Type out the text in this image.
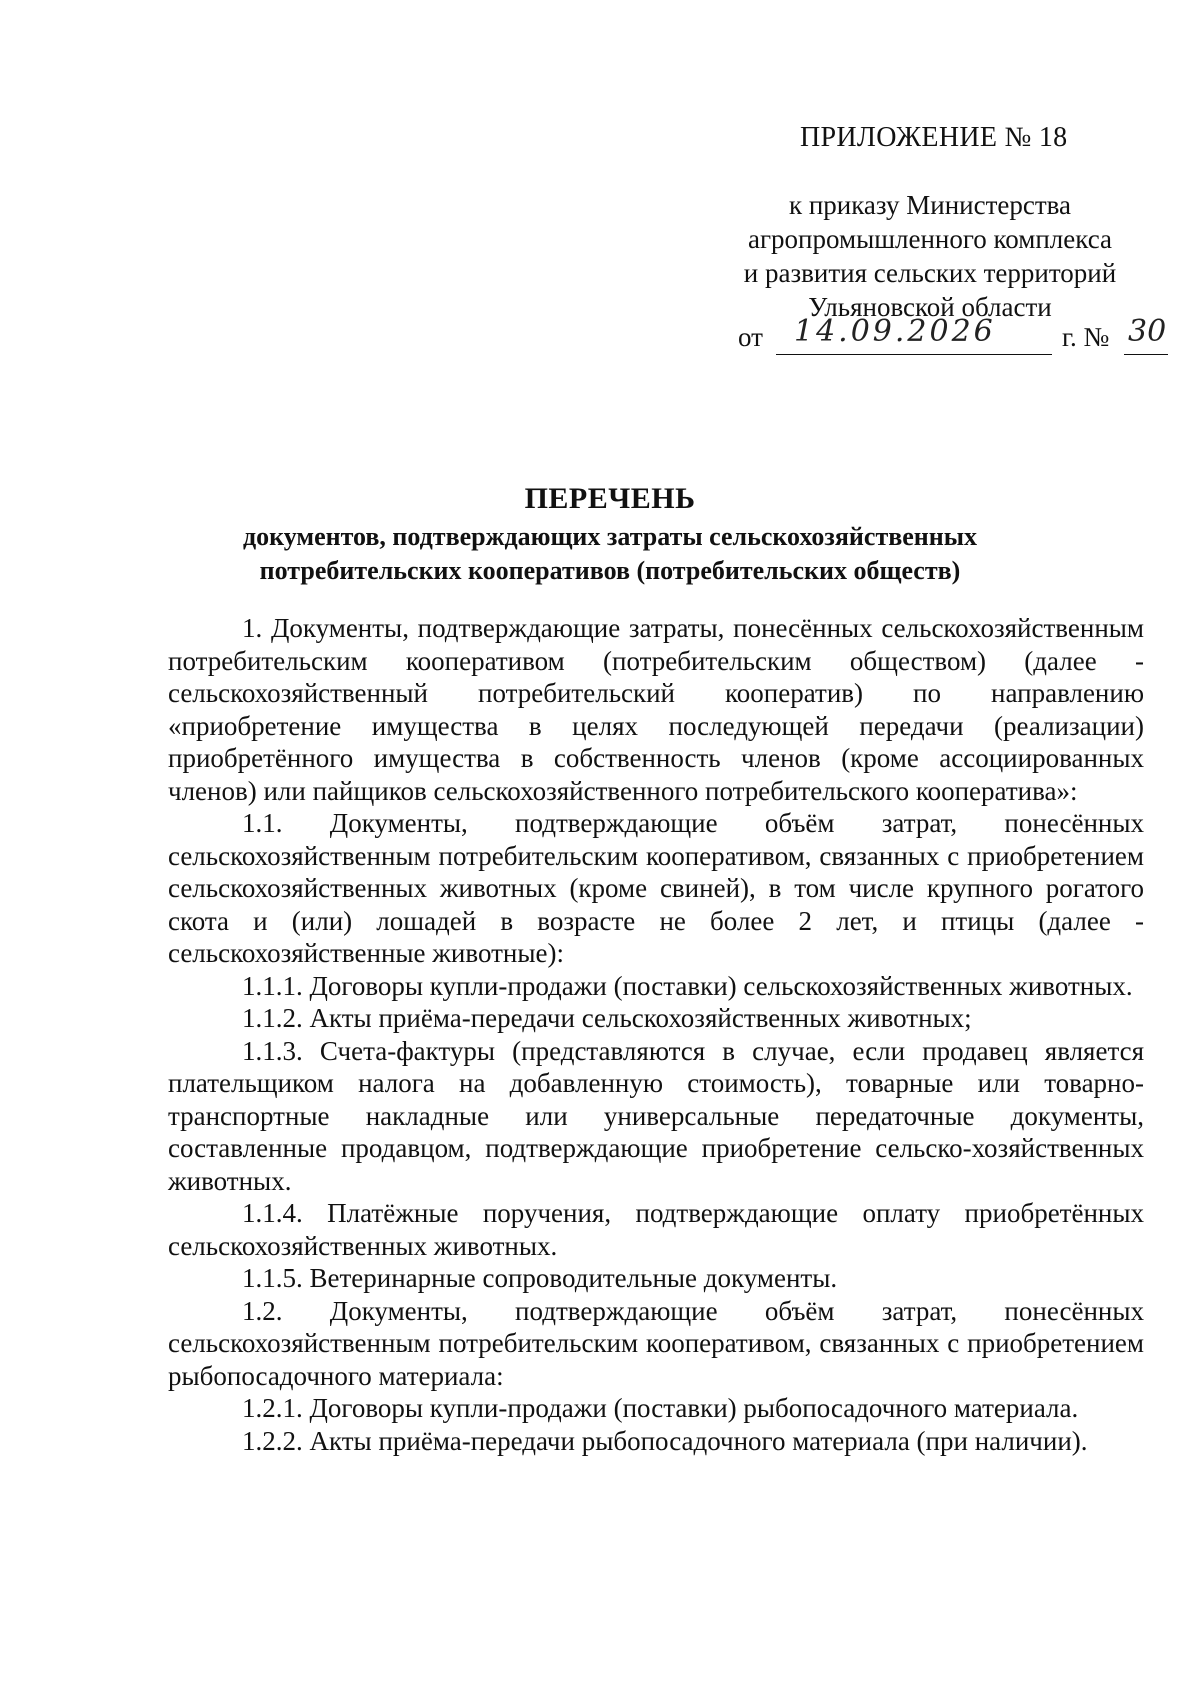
ПРИЛОЖЕНИЕ № 18
к приказу Министерства
агропромышленного комплекса
и развития сельских территорий
Ульяновской области
от 14.09.2026 г. № 30
ПЕРЕЧЕНЬ
документов, подтверждающих затраты сельскохозяйственных
потребительских кооперативов (потребительских обществ)

1. Документы, подтверждающие затраты, понесённых сельскохозяйственным потребительским кооперативом (потребительским обществом) (далее - сельскохозяйственный потребительский кооператив) по направлению «приобретение имущества в целях последующей передачи (реализации) приобретённого имущества в собственность членов (кроме ассоциированных членов) или пайщиков сельскохозяйственного потребительского кооператива»:

1.1. Документы, подтверждающие объём затрат, понесённых сельскохозяйственным потребительским кооперативом, связанных с приобретением сельскохозяйственных животных (кроме свиней), в том числе крупного рогатого скота и (или) лошадей в возрасте не более 2 лет, и птицы (далее - сельскохозяйственные животные):

1.1.1. Договоры купли-продажи (поставки) сельскохозяйственных животных.

1.1.2. Акты приёма-передачи сельскохозяйственных животных;

1.1.3. Счета-фактуры (представляются в случае, если продавец является плательщиком налога на добавленную стоимость), товарные или товарно-транспортные накладные или универсальные передаточные документы, составленные продавцом, подтверждающие приобретение сельско-хозяйственных животных.

1.1.4. Платёжные поручения, подтверждающие оплату приобретённых сельскохозяйственных животных.

1.1.5. Ветеринарные сопроводительные документы.

1.2. Документы, подтверждающие объём затрат, понесённых сельскохозяйственным потребительским кооперативом, связанных с приобретением рыбопосадочного материала:

1.2.1. Договоры купли-продажи (поставки) рыбопосадочного материала.

1.2.2. Акты приёма-передачи рыбопосадочного материала (при наличии).
